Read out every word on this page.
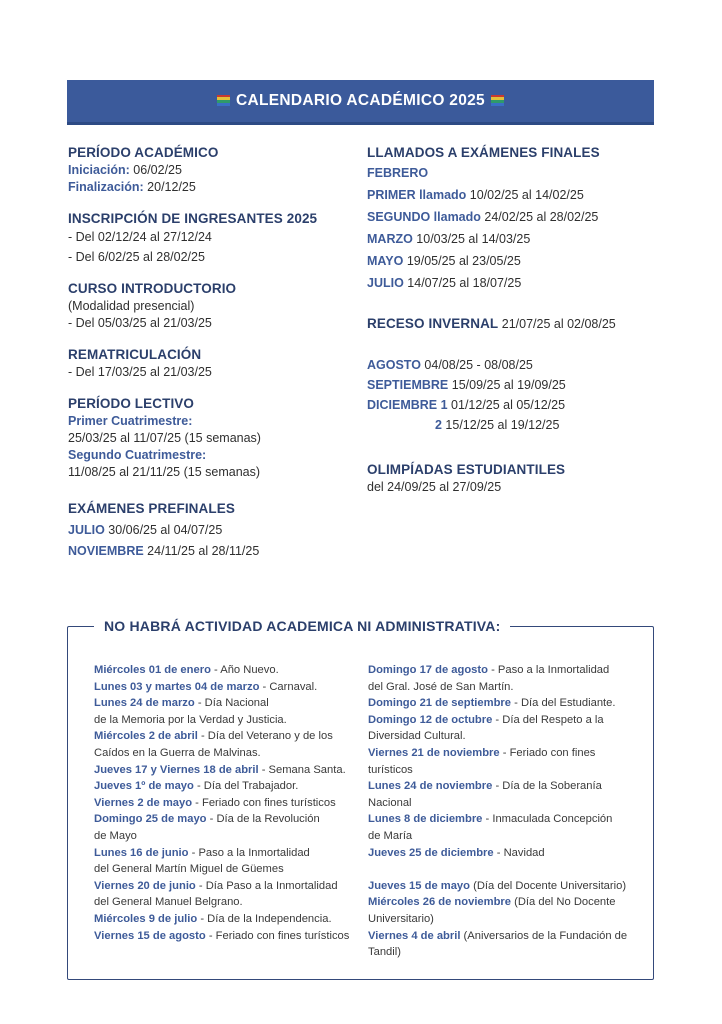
CALENDARIO ACADÉMICO 2025
PERÍODO ACADÉMICO
Iniciación: 06/02/25
Finalización: 20/12/25
INSCRIPCIÓN DE INGRESANTES 2025
- Del 02/12/24 al 27/12/24
- Del 6/02/25 al 28/02/25
CURSO INTRODUCTORIO
(Modalidad presencial)
- Del 05/03/25 al 21/03/25
REMATRICULACIÓN
- Del 17/03/25 al 21/03/25
PERÍODO LECTIVO
Primer Cuatrimestre:
25/03/25 al 11/07/25 (15 semanas)
Segundo Cuatrimestre:
11/08/25 al 21/11/25 (15 semanas)
EXÁMENES PREFINALES
JULIO 30/06/25 al 04/07/25
NOVIEMBRE 24/11/25 al 28/11/25
LLAMADOS A EXÁMENES FINALES
FEBRERO
PRIMER llamado 10/02/25 al 14/02/25
SEGUNDO llamado 24/02/25 al 28/02/25
MARZO 10/03/25 al 14/03/25
MAYO 19/05/25 al 23/05/25
JULIO 14/07/25 al 18/07/25
RECESO INVERNAL 21/07/25 al 02/08/25
AGOSTO 04/08/25 - 08/08/25
SEPTIEMBRE 15/09/25 al 19/09/25
DICIEMBRE 1 01/12/25 al 05/12/25
2 15/12/25 al 19/12/25
OLIMPÍADAS ESTUDIANTILES
del 24/09/25 al 27/09/25
NO HABRÁ ACTIVIDAD ACADEMICA NI ADMINISTRATIVA:
Miércoles 01 de enero - Año Nuevo.
Lunes 03 y martes 04 de marzo - Carnaval.
Lunes 24 de marzo - Día Nacional
de la Memoria por la Verdad y Justicia.
Miércoles 2 de abril - Día del Veterano y de los
Caídos en la Guerra de Malvinas.
Jueves 17 y Viernes 18 de abril - Semana Santa.
Jueves 1º de mayo - Día del Trabajador.
Viernes 2 de mayo - Feriado con fines turísticos
Domingo 25 de mayo - Día de la Revolución
de Mayo
Lunes 16 de junio - Paso a la Inmortalidad
del General Martín Miguel de Güemes
Viernes 20 de junio - Día Paso a la Inmortalidad
del General Manuel Belgrano.
Miércoles 9 de julio - Día de la Independencia.
Viernes 15 de agosto - Feriado con fines turísticos
Domingo 17 de agosto - Paso a la Inmortalidad
del Gral. José de San Martín.
Domingo 21 de septiembre - Día del Estudiante.
Domingo 12 de octubre - Día del Respeto a la
Diversidad Cultural.
Viernes 21 de noviembre - Feriado con fines
turísticos
Lunes 24 de noviembre - Día de la Soberanía
Nacional
Lunes 8 de diciembre - Inmaculada Concepción
de María
Jueves 25 de diciembre - Navidad
Jueves 15 de mayo (Día del Docente Universitario)
Miércoles 26 de noviembre (Día del No Docente
Universitario)
Viernes 4 de abril (Aniversarios de la Fundación de
Tandil)
